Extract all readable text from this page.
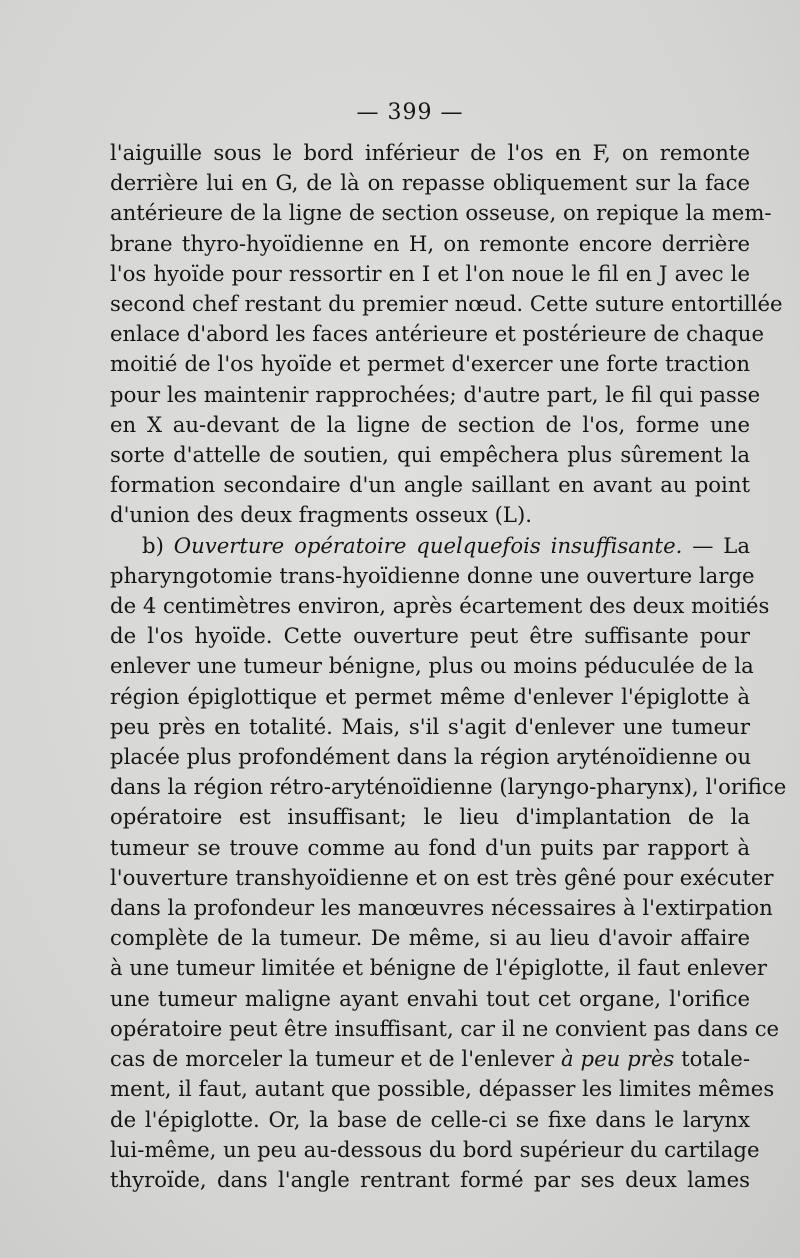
— 399 —
l'aiguille sous le bord inférieur de l'os en F, on remonte
derrière lui en G, de là on repasse obliquement sur la face
antérieure de la ligne de section osseuse, on repique la mem-
brane thyro-hyoïdienne en H, on remonte encore derrière
l'os hyoïde pour ressortir en I et l'on noue le fil en J avec le
second chef restant du premier nœud. Cette suture entortillée
enlace d'abord les faces antérieure et postérieure de chaque
moitié de l'os hyoïde et permet d'exercer une forte traction
pour les maintenir rapprochées; d'autre part, le fil qui passe
en X au-devant de la ligne de section de l'os, forme une
sorte d'attelle de soutien, qui empêchera plus sûrement la
formation secondaire d'un angle saillant en avant au point
d'union des deux fragments osseux (L).
b) Ouverture opératoire quelquefois insuffisante. — La
pharyngotomie trans-hyoïdienne donne une ouverture large
de 4 centimètres environ, après écartement des deux moitiés
de l'os hyoïde. Cette ouverture peut être suffisante pour
enlever une tumeur bénigne, plus ou moins péduculée de la
région épiglottique et permet même d'enlever l'épiglotte à
peu près en totalité. Mais, s'il s'agit d'enlever une tumeur
placée plus profondément dans la région aryténoïdienne ou
dans la région rétro-aryténoïdienne (laryngo-pharynx), l'orifice
opératoire est insuffisant; le lieu d'implantation de la
tumeur se trouve comme au fond d'un puits par rapport à
l'ouverture transhyoïdienne et on est très gêné pour exécuter
dans la profondeur les manœuvres nécessaires à l'extirpation
complète de la tumeur. De même, si au lieu d'avoir affaire
à une tumeur limitée et bénigne de l'épiglotte, il faut enlever
une tumeur maligne ayant envahi tout cet organe, l'orifice
opératoire peut être insuffisant, car il ne convient pas dans ce
cas de morceler la tumeur et de l'enlever à peu près totale-
ment, il faut, autant que possible, dépasser les limites mêmes
de l'épiglotte. Or, la base de celle-ci se fixe dans le larynx
lui-même, un peu au-dessous du bord supérieur du cartilage
thyroïde, dans l'angle rentrant formé par ses deux lames
